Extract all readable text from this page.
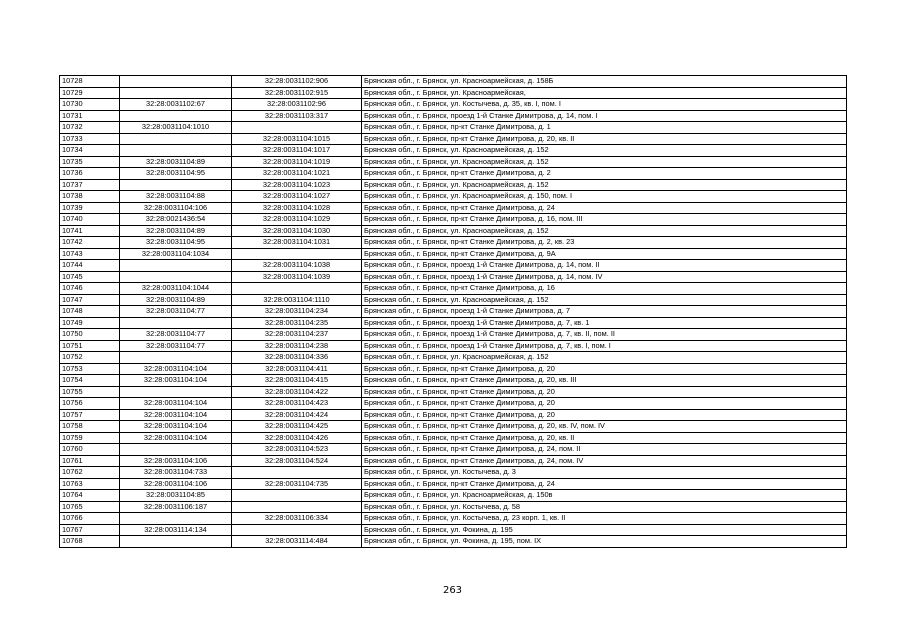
10728		32:28:0031102:906	Брянская обл., г. Брянск, ул. Красноармейская, д. 158Б
10729		32:28:0031102:915	Брянская обл., г. Брянск, ул. Красноармейская,
10730	32:28:0031102:67	32:28:0031102:96	Брянская обл., г. Брянск, ул. Костычева, д. 35, кв. I, пом. I
10731		32:28:0031103:317	Брянская обл., г. Брянск, проезд 1-й Станке Димитрова, д. 14, пом. I
10732	32:28:0031104:1010		Брянская обл., г. Брянск, пр-кт Станке Димитрова, д. 1
10733		32:28:0031104:1015	Брянская обл., г. Брянск, пр-кт Станке Димитрова, д. 20, кв. II
10734		32:28:0031104:1017	Брянская обл., г. Брянск, ул. Красноармейская, д. 152
10735	32:28:0031104:89	32:28:0031104:1019	Брянская обл., г. Брянск, ул. Красноармейская, д. 152
10736	32:28:0031104:95	32:28:0031104:1021	Брянская обл., г. Брянск, пр-кт Станке Димитрова, д. 2
10737		32:28:0031104:1023	Брянская обл., г. Брянск, ул. Красноармейская, д. 152
10738	32:28:0031104:88	32:28:0031104:1027	Брянская обл., г. Брянск, ул. Красноармейская, д. 150, пом. I
10739	32:28:0031104:106	32:28:0031104:1028	Брянская обл., г. Брянск, пр-кт Станке Димитрова, д. 24
10740	32:28:0021436:54	32:28:0031104:1029	Брянская обл., г. Брянск, пр-кт Станке Димитрова, д. 16, пом. III
10741	32:28:0031104:89	32:28:0031104:1030	Брянская обл., г. Брянск, ул. Красноармейская, д. 152
10742	32:28:0031104:95	32:28:0031104:1031	Брянская обл., г. Брянск, пр-кт Станке Димитрова, д. 2, кв. 23
10743	32:28:0031104:1034		Брянская обл., г. Брянск, пр-кт Станке Димитрова, д. 9А
10744		32:28:0031104:1038	Брянская обл., г. Брянск, проезд 1-й Станке Димитрова, д. 14, пом. II
10745		32:28:0031104:1039	Брянская обл., г. Брянск, проезд 1-й Станке Димитрова, д. 14, пом. IV
10746	32:28:0031104:1044		Брянская обл., г. Брянск, пр-кт Станке Димитрова, д. 16
10747	32:28:0031104:89	32:28:0031104:1110	Брянская обл., г. Брянск, ул. Красноармейская, д. 152
10748	32:28:0031104:77	32:28:0031104:234	Брянская обл., г. Брянск, проезд 1-й Станке Димитрова, д. 7
10749		32:28:0031104:235	Брянская обл., г. Брянск, проезд 1-й Станке Димитрова, д. 7, кв. 1
10750	32:28:0031104:77	32:28:0031104:237	Брянская обл., г. Брянск, проезд 1-й Станке Димитрова, д. 7, кв. II, пом. II
10751	32:28:0031104:77	32:28:0031104:238	Брянская обл., г. Брянск, проезд 1-й Станке Димитрова, д. 7, кв. I, пом. I
10752		32:28:0031104:336	Брянская обл., г. Брянск, ул. Красноармейская, д. 152
10753	32:28:0031104:104	32:28:0031104:411	Брянская обл., г. Брянск, пр-кт Станке Димитрова, д. 20
10754	32:28:0031104:104	32:28:0031104:415	Брянская обл., г. Брянск, пр-кт Станке Димитрова, д. 20, кв. III
10755		32:28:0031104:422	Брянская обл., г. Брянск, пр-кт Станке Димитрова, д. 20
10756	32:28:0031104:104	32:28:0031104:423	Брянская обл., г. Брянск, пр-кт Станке Димитрова, д. 20
10757	32:28:0031104:104	32:28:0031104:424	Брянская обл., г. Брянск, пр-кт Станке Димитрова, д. 20
10758	32:28:0031104:104	32:28:0031104:425	Брянская обл., г. Брянск, пр-кт Станке Димитрова, д. 20, кв. IV, пом. IV
10759	32:28:0031104:104	32:28:0031104:426	Брянская обл., г. Брянск, пр-кт Станке Димитрова, д. 20, кв. II
10760		32:28:0031104:523	Брянская обл., г. Брянск, пр-кт Станке Димитрова, д. 24, пом. II
10761	32:28:0031104:106	32:28:0031104:524	Брянская обл., г. Брянск, пр-кт Станке Димитрова, д. 24, пом. IV
10762	32:28:0031104:733		Брянская обл., г. Брянск, ул. Костычева, д. 3
10763	32:28:0031104:106	32:28:0031104:735	Брянская обл., г. Брянск, пр-кт Станке Димитрова, д. 24
10764	32:28:0031104:85		Брянская обл., г. Брянск, ул. Красноармейская, д. 150в
10765	32:28:0031106:187		Брянская обл., г. Брянск, ул. Костычева, д. 58
10766		32:28:0031106:334	Брянская обл., г. Брянск, ул. Костычева, д. 23 корп. 1, кв. II
10767	32:28:0031114:134		Брянская обл., г. Брянск, ул. Фокина, д. 195
10768		32:28:0031114:484	Брянская обл., г. Брянск, ул. Фокина, д. 195, пом. IX
263
